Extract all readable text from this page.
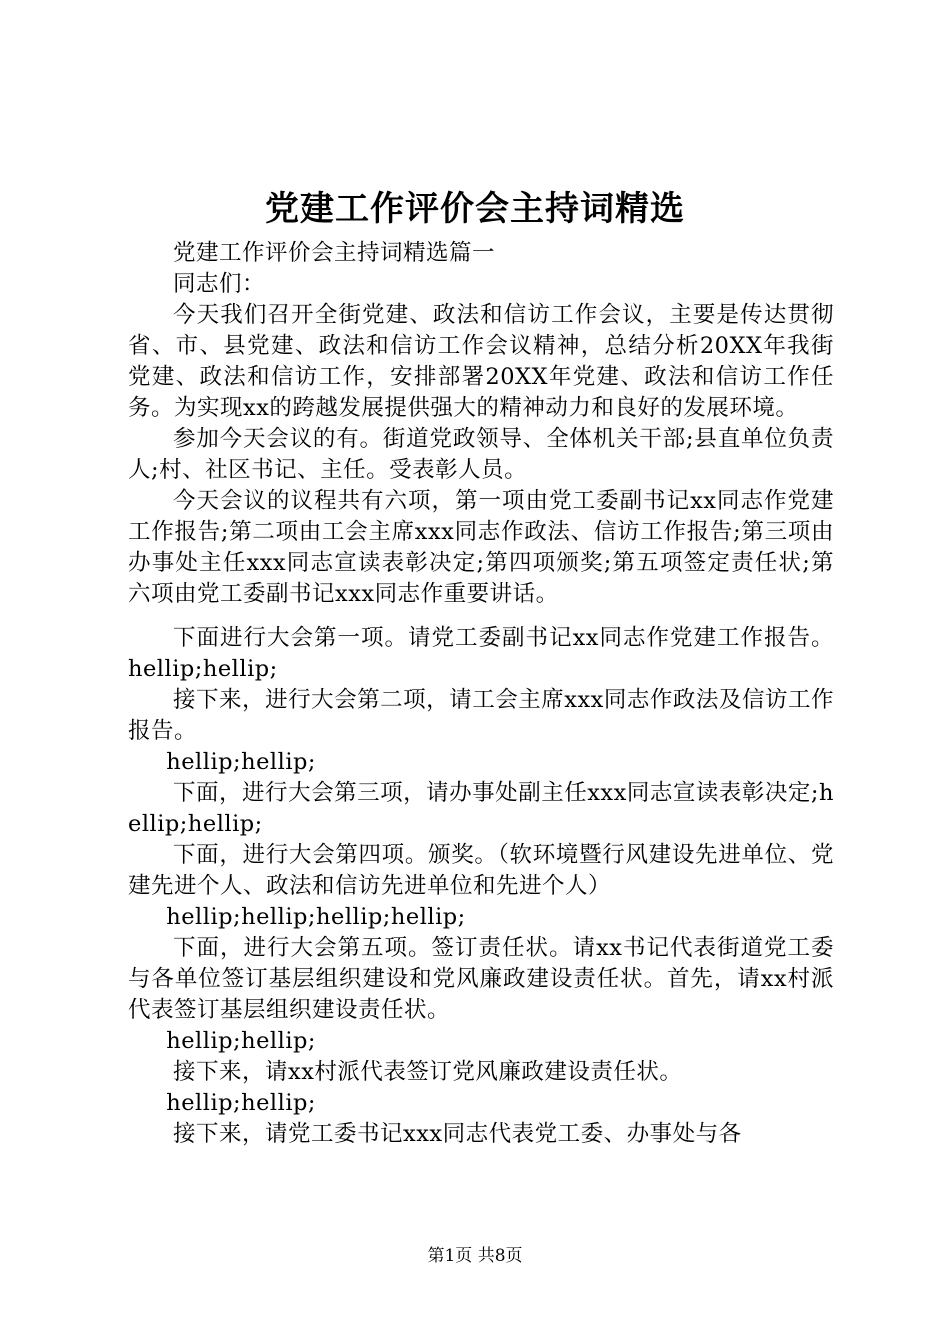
党建工作评价会主持词精选

党建工作评价会主持词精选篇一

同志们：

今天我们召开全街党建、政法和信访工作会议，主要是传达贯彻省、市、县党建、政法和信访工作会议精神，总结分析20XX年我街党建、政法和信访工作，安排部署20XX年党建、政法和信访工作任务。为实现xx的跨越发展提供强大的精神动力和良好的发展环境。

参加今天会议的有。街道党政领导、全体机关干部;县直单位负责人;村、社区书记、主任。受表彰人员。

今天会议的议程共有六项，第一项由党工委副书记xx同志作党建工作报告;第二项由工会主席xxx同志作政法、信访工作报告;第三项由办事处主任xxx同志宣读表彰决定;第四项颁奖;第五项签定责任状;第六项由党工委副书记xxx同志作重要讲话。

下面进行大会第一项。请党工委副书记xx同志作党建工作报告。hellip;hellip;

接下来，进行大会第二项，请工会主席xxx同志作政法及信访工作报告。

hellip;hellip;

下面，进行大会第三项，请办事处副主任xxx同志宣读表彰决定;hellip;hellip;

下面，进行大会第四项。颁奖。（软环境暨行风建设先进单位、党建先进个人、政法和信访先进单位和先进个人）

hellip;hellip;hellip;hellip;

下面，进行大会第五项。签订责任状。请xx书记代表街道党工委与各单位签订基层组织建设和党风廉政建设责任状。首先，请xx村派代表签订基层组织建设责任状。

hellip;hellip;

接下来，请xx村派代表签订党风廉政建设责任状。

hellip;hellip;

接下来，请党工委书记xxx同志代表党工委、办事处与各

第1页 共8页
